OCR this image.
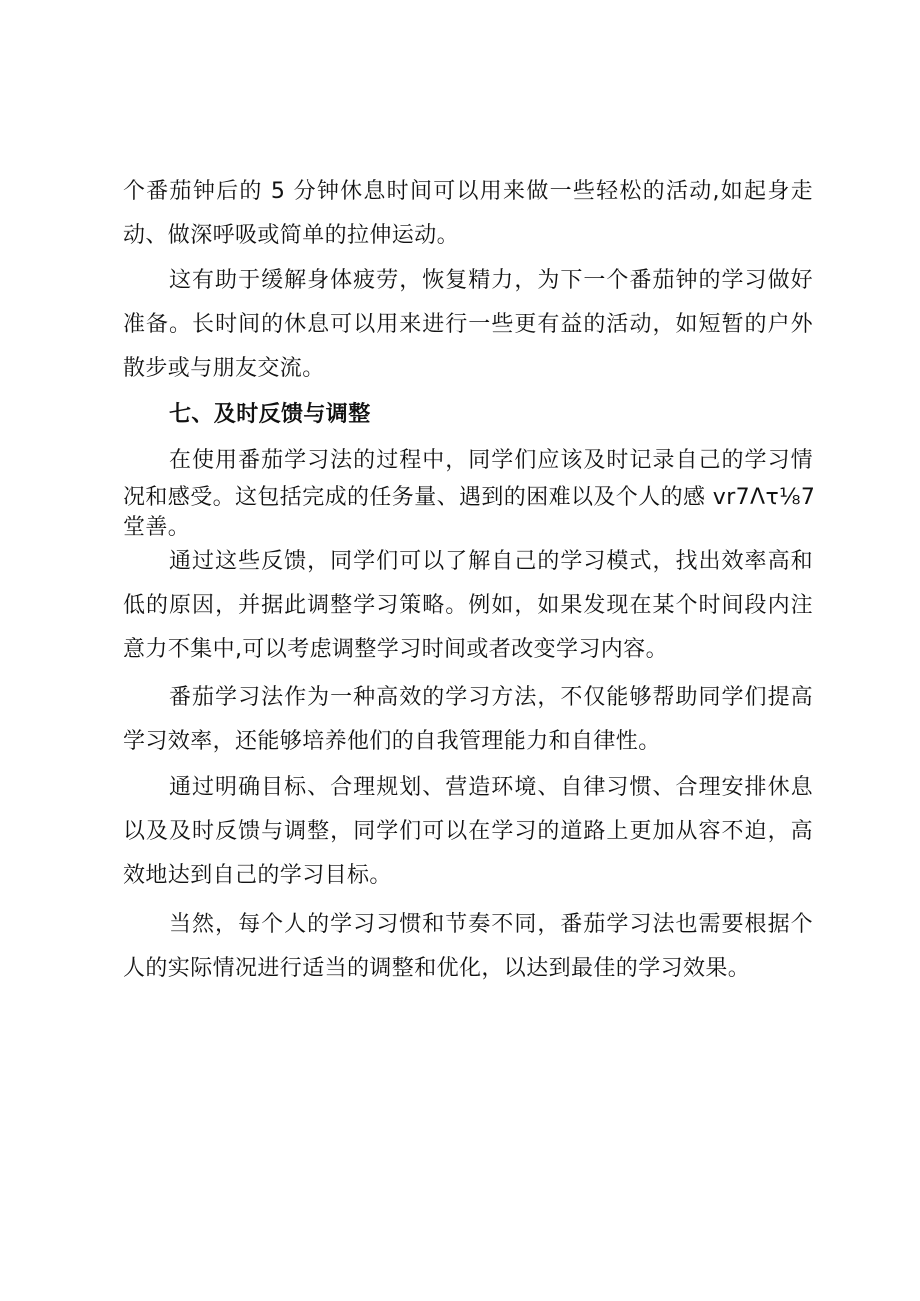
个番茄钟后的 5 分钟休息时间可以用来做一些轻松的活动,如起身走
动、做深呼吸或简单的拉伸运动。

这有助于缓解身体疲劳，恢复精力，为下一个番茄钟的学习做好
准备。长时间的休息可以用来进行一些更有益的活动，如短暂的户外
散步或与朋友交流。

七、及时反馈与调整

在使用番茄学习法的过程中，同学们应该及时记录自己的学习情
况和感受。这包括完成的任务量、遇到的困难以及个人的感 vr7Λτ⅛7
堂善。

通过这些反馈，同学们可以了解自己的学习模式，找出效率高和
低的原因，并据此调整学习策略。例如，如果发现在某个时间段内注
意力不集中,可以考虑调整学习时间或者改变学习内容。

番茄学习法作为一种高效的学习方法，不仅能够帮助同学们提高
学习效率，还能够培养他们的自我管理能力和自律性。

通过明确目标、合理规划、营造环境、自律习惯、合理安排休息
以及及时反馈与调整，同学们可以在学习的道路上更加从容不迫，高
效地达到自己的学习目标。

当然，每个人的学习习惯和节奏不同，番茄学习法也需要根据个
人的实际情况进行适当的调整和优化，以达到最佳的学习效果。
